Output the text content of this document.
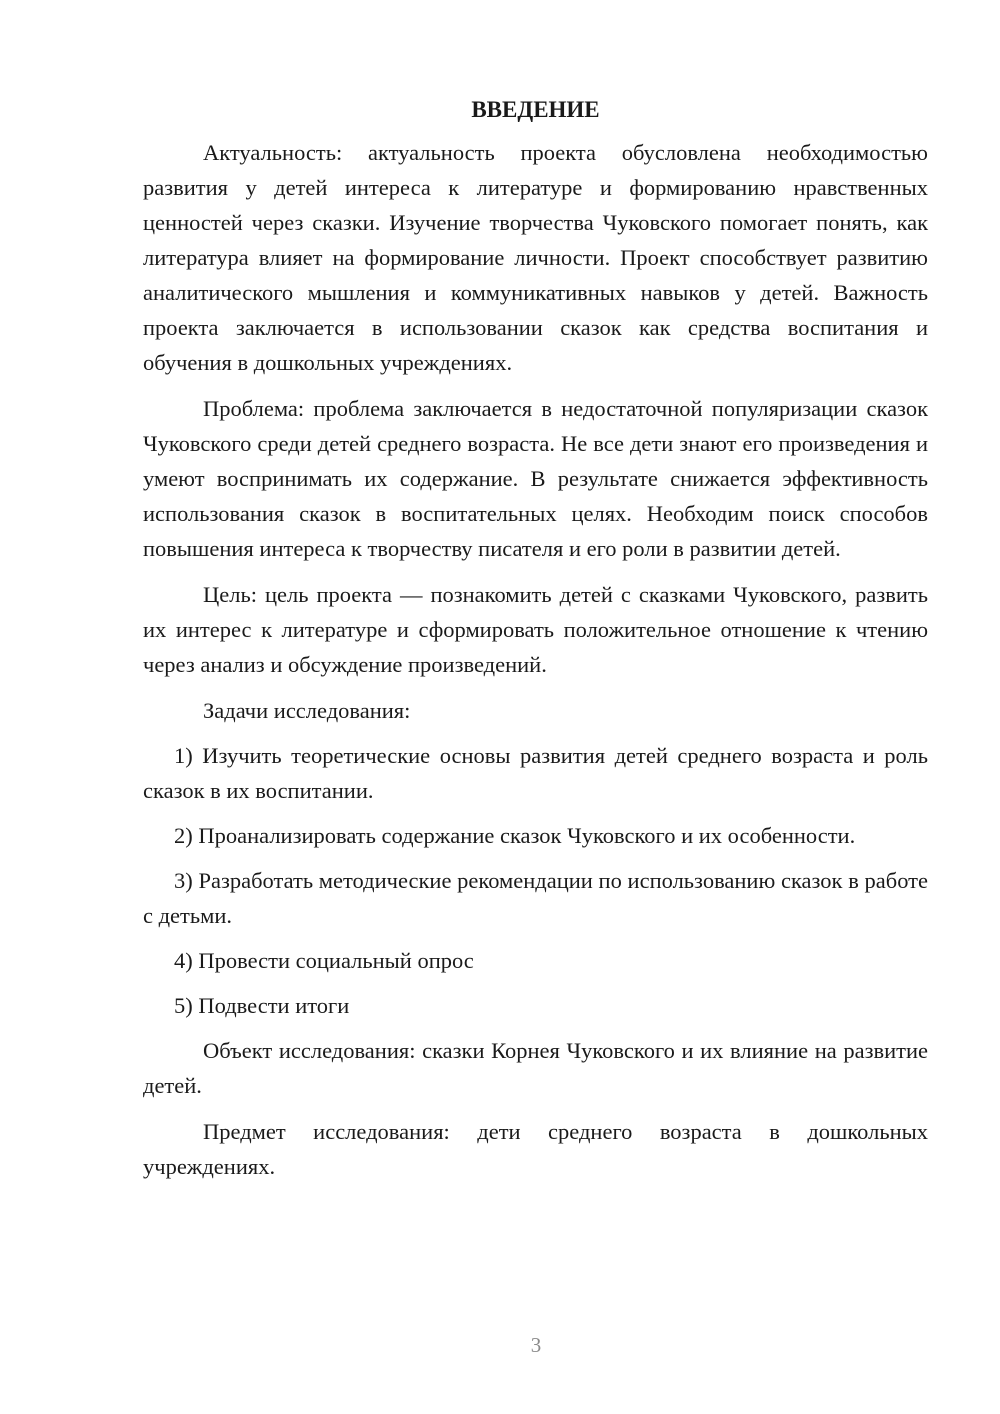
ВВЕДЕНИЕ

Актуальность: актуальность проекта обусловлена необходимостью развития у детей интереса к литературе и формированию нравственных ценностей через сказки. Изучение творчества Чуковского помогает понять, как литература влияет на формирование личности. Проект способствует развитию аналитического мышления и коммуникативных навыков у детей. Важность проекта заключается в использовании сказок как средства воспитания и обучения в дошкольных учреждениях.

Проблема: проблема заключается в недостаточной популяризации сказок Чуковского среди детей среднего возраста. Не все дети знают его произведения и умеют воспринимать их содержание. В результате снижается эффективность использования сказок в воспитательных целях. Необходим поиск способов повышения интереса к творчеству писателя и его роли в развитии детей.

Цель: цель проекта — познакомить детей с сказками Чуковского, развить их интерес к литературе и сформировать положительное отношение к чтению через анализ и обсуждение произведений.

Задачи исследования:

1) Изучить теоретические основы развития детей среднего возраста и роль сказок в их воспитании.

2) Проанализировать содержание сказок Чуковского и их особенности.

3) Разработать методические рекомендации по использованию сказок в работе с детьми.

4) Провести социальный опрос

5) Подвести итоги

Объект исследования: сказки Корнея Чуковского и их влияние на развитие детей.

Предмет исследования: дети среднего возраста в дошкольных учреждениях.

3
